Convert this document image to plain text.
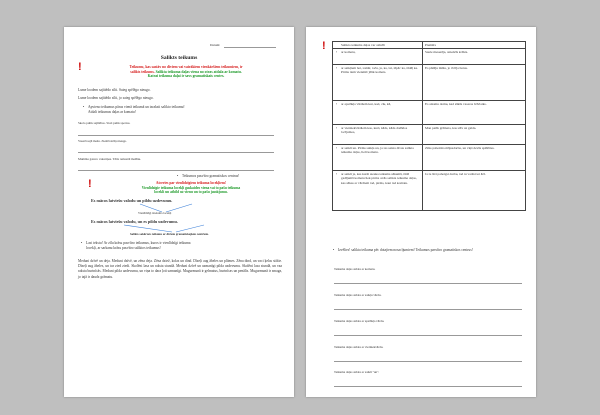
Datum:
Salikts teikums
!	Teikumu, kas sastāv no diviem vai vairākiem vienkāršiem teikumiem, ir
salikts teikums. Salikta teikuma daļas viena no otras atdala ar komatu.
Katrai teikuma daļai ir savs gramatiskais centrs.
Lume loodem sajūtēdo silti. Saieg spēlēgo nieugo.
Lume loodem sajūtēdo silti, jo saieg spēlēgo nieugo.
• Apvieno teikumus pārus vienā teikumā un izraksti salikto teikumu!
Atdali teikumus daļas ar komatu!
Skolo pulik sajūtētos. Sioti pulik spertos.
Vasarā sajā mašu. Ziemā strūņ nieugo.
Mumma gatavo vakariņas. Tētis remontē mašīnu.
• Teikumos pasvītro gramatiskos centrus!
!	Atceries par vienlīdzīgiem teikuma locekļiem!
Vienlīdzīgie teikuma locekļi gaskaidro viena vai to pašu teikuma
locekli un atbild uz vienu un to pašu jautājumu.
Es mācos latviešu valodu un pildu uzdevumu.
Vienlīdzīgi izteiuma locekļi
Es mācos latviešu valodu, un es pildu uzdevumu.
Salikts sakārtots teikums ar diviem gramatiskajiem centriem.
• Lasi tekstu! Ar zīlu krāsu pasvītro teikumus, kuros ir vienlīdzīgi teikuma
locekļi, ar sarkanu krāsu pasvītro saliktos teikumus!
Meduni dzīvē un deja. Meduni dzīvē, un zēna deja. Zēna dziež, kolas un dind. Dīzeļi aug ābeles un plūmes. Zēna dind, un vaci ķelas stiītie. Dīzeļi aug ābeles, un tur zied ziedi. Skolēni lasa un raksta stundā. Meduni dzīvē un uzmanīgi pilda uzdevumu. Skolēni lasa stundā, un vaa raksta burtnīcās. Meduni pilda uzdevumu, un viņa to dara ļoti uzmanīgi. Mugurmunā ir gelmatus, burtnīcas un penālis. Mugurmunā ir smaga, jo tajā ir daudz grāmatu.
!	Salikto teikuma daļas var atdalīt	Piemērs

• ar komatu,	Saule meserēja, sniedzīs kriīsts.

• ar saikļiem bet, tomēr, taču, ja, ka, lai, tāpēc ka, tādēļ ka. Pirms tiem vienmēr jālik komats.	Es pūdīju māšu, jo tā līja lietus.

• ar apstākļa vārdiem kur, kad, cik, kā,	Es aizsmu domu, kad sākās vasaras brīvlaiks.

• ar vietniekvārdiem kas, kurš, kāds, kāda dažādos locījumos,	Man patīk grāmata, kas stāv uz galda.

• ar saikli un. Pirms saikļa un, ja tas saista divus salikta teikuma daļas, lieli komatu.	Zēns pabeidza mājasdarbu, un viņš devās spēlēties.

• ar saikli ja, kas kurši ateuka teikuma sākumā, tādā gadījumā komatu liek pirms otrās salikta teikuma daļas, kas sākas ar vārdiem tad, pirms, kaut tad komatu.	Ja tu ātri pabeigsi darbu, tad tu varēsi iet ārā.
• Izvēlies! salikta teikuma pēc dotajiem nosacījumiem! Teikumos pasvītro gramatiskos centrus!
Teikuma daļas atdala ar komatu.
Teikuma daļas atdala ar saikļu vārdu.
Teikuma daļas atdala ar apstākļa vārdu.
Teikuma daļas atdala ar vietniekvārdu.
Teikuma daļas atdala ar saikli "un".
